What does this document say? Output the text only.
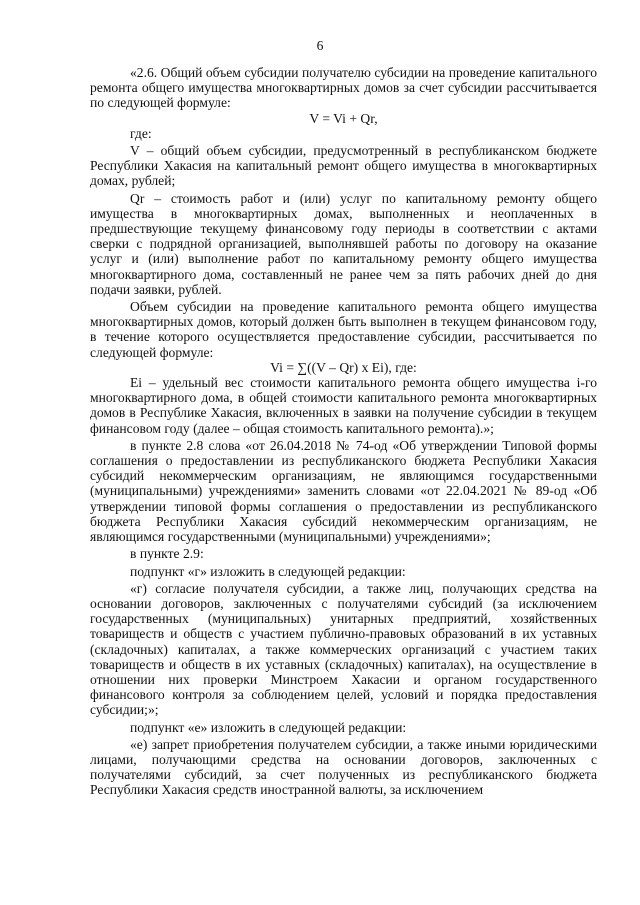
6

«2.6. Общий объем субсидии получателю субсидии на проведение капитального ремонта общего имущества многоквартирных домов за счет субсидии рассчитывается по следующей формуле:

V = Vi + Qr,

где:

V – общий объем субсидии, предусмотренный в республиканском бюджете Республики Хакасия на капитальный ремонт общего имущества в многоквартирных домах, рублей;

Qr – стоимость работ и (или) услуг по капитальному ремонту общего имущества в многоквартирных домах, выполненных и неоплаченных в предшествующие текущему финансовому году периоды в соответствии с актами сверки с подрядной организацией, выполнявшей работы по договору на оказание услуг и (или) выполнение работ по капитальному ремонту общего имущества многоквартирного дома, составленный не ранее чем за пять рабочих дней до дня подачи заявки, рублей.

Объем субсидии на проведение капитального ремонта общего имущества многоквартирных домов, который должен быть выполнен в текущем финансовом году, в течение которого осуществляется предоставление субсидии, рассчитывается по следующей формуле:

Vi = ∑((V – Qr) x Ei), где:

Ei – удельный вес стоимости капитального ремонта общего имущества i-го многоквартирного дома, в общей стоимости капитального ремонта многоквартирных домов в Республике Хакасия, включенных в заявки на получение субсидии в текущем финансовом году (далее – общая стоимость капитального ремонта).»;

в пункте 2.8 слова «от 26.04.2018 № 74-од «Об утверждении Типовой формы соглашения о предоставлении из республиканского бюджета Республики Хакасия субсидий некоммерческим организациям, не являющимся государственными (муниципальными) учреждениями» заменить словами «от 22.04.2021 № 89-од «Об утверждении типовой формы соглашения о предоставлении из республиканского бюджета Республики Хакасия субсидий некоммерческим организациям, не являющимся государственными (муниципальными) учреждениями»;

в пункте 2.9:

подпункт «г» изложить в следующей редакции:

«г) согласие получателя субсидии, а также лиц, получающих средства на основании договоров, заключенных с получателями субсидий (за исключением государственных (муниципальных) унитарных предприятий, хозяйственных товариществ и обществ с участием публично-правовых образований в их уставных (складочных) капиталах, а также коммерческих организаций с участием таких товариществ и обществ в их уставных (складочных) капиталах), на осуществление в отношении них проверки Минстроем Хакасии и органом государственного финансового контроля за соблюдением целей, условий и порядка предоставления субсидии;»;

подпункт «е» изложить в следующей редакции:

«е) запрет приобретения получателем субсидии, а также иными юридическими лицами, получающими средства на основании договоров, заключенных с получателями субсидий, за счет полученных из республиканского бюджета Республики Хакасия средств иностранной валюты, за исключением
